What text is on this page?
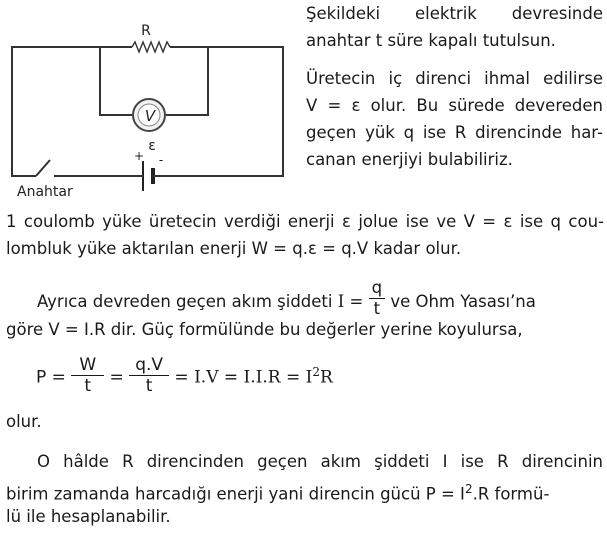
R
V
+ -
ε
Anahtar
Şekildeki elektrik devresinde
anahtar t süre kapalı tutulsun.
Üretecin iç direnci ihmal edilirse
V = ε olur. Bu sürede devereden
geçen yük q ise R direncinde har-
canan enerjiyi bulabiliriz.
1 coulomb yüke üretecin verdiği enerji ε jolue ise ve V = ε ise q cou-
lombluk yüke aktarılan enerji W = q.ε = q.V kadar olur.
Ayrıca devreden geçen akım şiddeti $I = \frac{q}{t}$ ve Ohm Yasası’na
göre V = I.R dir. Güç formülünde bu değerler yerine koyulursa,
$P = \frac{W}{t} = \frac{q.V}{t} = I.V = I.I.R = I^2R$
olur.
O hâlde R direncinden geçen akım şiddeti I ise R direncinin
birim zamanda harcadığı enerji yani direncin gücü $P = I^2.R$ formü-
lü ile hesaplanabilir.
